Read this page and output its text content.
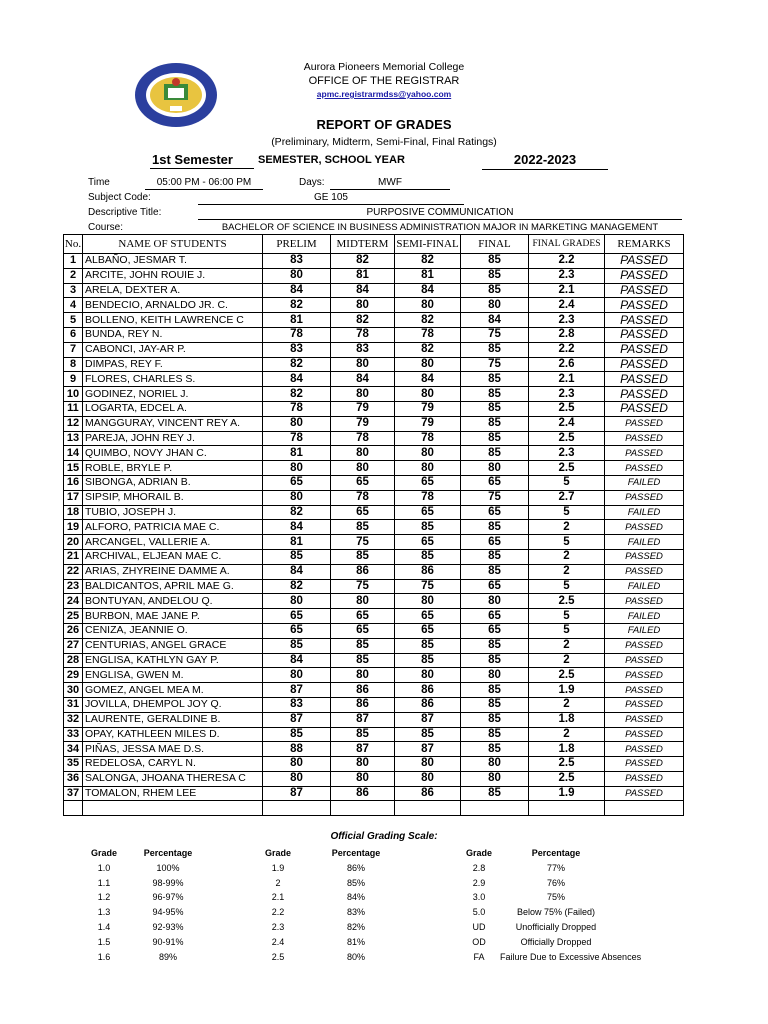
Aurora Pioneers Memorial College
OFFICE OF THE REGISTRAR
apmc.registrarmdss@yahoo.com
REPORT OF GRADES
(Preliminary, Midterm, Semi-Final, Final Ratings)
1st Semester SEMESTER, SCHOOL YEAR	2022-2023
Time	05:00 PM - 06:00 PM	Days:	MWF
Subject Code:	GE 105
Descriptive Title:	PURPOSIVE COMMUNICATION
Course:	BACHELOR OF SCIENCE IN BUSINESS ADMINISTRATION MAJOR IN MARKETING MANAGEMENT
No.	NAME OF STUDENTS	PRELIM	MIDTERM	SEMI-FINAL	FINAL	FINAL GRADES	REMARKS
1	ALBAÑO, JESMAR T.	83	82	82	85	2.2	PASSED
2	ARCITE, JOHN ROUIE J.	80	81	81	85	2.3	PASSED
3	ARELA, DEXTER A.	84	84	84	85	2.1	PASSED
4	BENDECIO, ARNALDO JR. C.	82	80	80	80	2.4	PASSED
5	BOLLENO, KEITH LAWRENCE C	81	82	82	84	2.3	PASSED
6	BUNDA, REY N.	78	78	78	75	2.8	PASSED
7	CABONCI, JAY-AR P.	83	83	82	85	2.2	PASSED
8	DIMPAS, REY F.	82	80	80	75	2.6	PASSED
9	FLORES, CHARLES S.	84	84	84	85	2.1	PASSED
10	GODINEZ, NORIEL J.	82	80	80	85	2.3	PASSED
11	LOGARTA, EDCEL A.	78	79	79	85	2.5	PASSED
12	MANGGURAY, VINCENT REY A.	80	79	79	85	2.4	PASSED
13	PAREJA, JOHN REY J.	78	78	78	85	2.5	PASSED
14	QUIMBO, NOVY JHAN C.	81	80	80	85	2.3	PASSED
15	ROBLE, BRYLE P.	80	80	80	80	2.5	PASSED
16	SIBONGA, ADRIAN B.	65	65	65	65	5	FAILED
17	SIPSIP, MHORAIL B.	80	78	78	75	2.7	PASSED
18	TUBIO, JOSEPH J.	82	65	65	65	5	FAILED
19	ALFORO, PATRICIA MAE C.	84	85	85	85	2	PASSED
20	ARCANGEL, VALLERIE A.	81	75	65	65	5	FAILED
21	ARCHIVAL, ELJEAN MAE C.	85	85	85	85	2	PASSED
22	ARIAS, ZHYREINE DAMME A.	84	86	86	85	2	PASSED
23	BALDICANTOS, APRIL MAE G.	82	75	75	65	5	FAILED
24	BONTUYAN, ANDELOU Q.	80	80	80	80	2.5	PASSED
25	BURBON, MAE JANE P.	65	65	65	65	5	FAILED
26	CENIZA, JEANNIE O.	65	65	65	65	5	FAILED
27	CENTURIAS, ANGEL GRACE	85	85	85	85	2	PASSED
28	ENGLISA, KATHLYN GAY P.	84	85	85	85	2	PASSED
29	ENGLISA, GWEN M.	80	80	80	80	2.5	PASSED
30	GOMEZ, ANGEL MEA M.	87	86	86	85	1.9	PASSED
31	JOVILLA, DHEMPOL JOY Q.	83	86	86	85	2	PASSED
32	LAURENTE, GERALDINE B.	87	87	87	85	1.8	PASSED
33	OPAY, KATHLEEN MILES D.	85	85	85	85	2	PASSED
34	PIÑAS, JESSA MAE D.S.	88	87	87	85	1.8	PASSED
35	REDELOSA, CARYL N.	80	80	80	80	2.5	PASSED
36	SALONGA, JHOANA THERESA C	80	80	80	80	2.5	PASSED
37	TOMALON, RHEM LEE	87	86	86	85	1.9	PASSED

Official Grading Scale:
Grade	Percentage
1.0	100%
1.1	98-99%
1.2	96-97%
1.3	94-95%
1.4	92-93%
1.5	90-91%
1.6	89%
Grade	Percentage
1.9	86%
2	85%
2.1	84%
2.2	83%
2.3	82%
2.4	81%
2.5	80%
Grade	Percentage
2.8	77%
2.9	76%
3.0	75%
5.0	Below 75% (Failed)
UD	Unofficially Dropped
OD	Officially Dropped
FA	Failure Due to Excessive Absences
